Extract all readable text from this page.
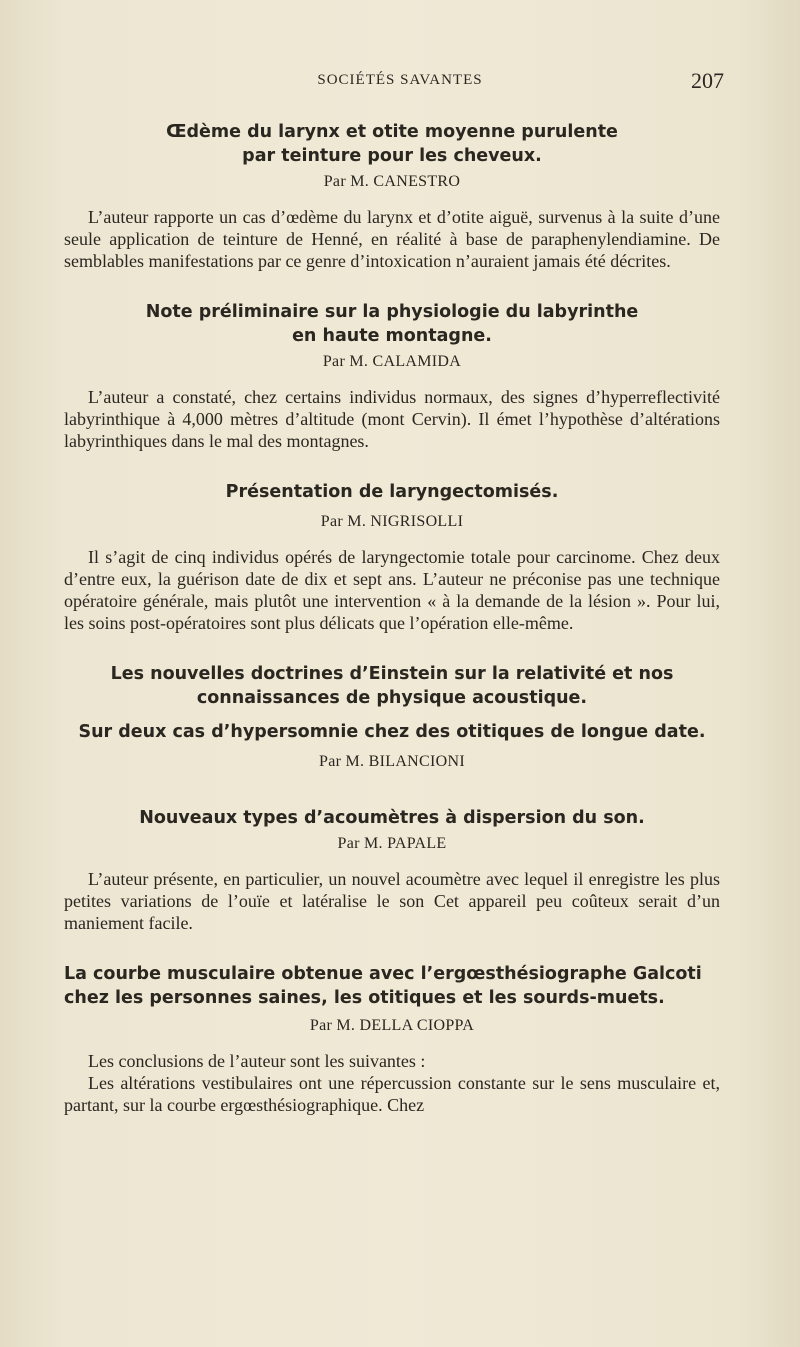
SOCIÉTÉS SAVANTES	207

Œdème du larynx et otite moyenne purulente
par teinture pour les cheveux.

Par M. CANESTRO

L’auteur rapporte un cas d’œdème du larynx et d’otite aiguë, survenus à la suite d’une seule application de teinture de Henné, en réalité à base de paraphenylendiamine. De semblables manifestations par ce genre d’intoxication n’auraient jamais été décrites.

Note préliminaire sur la physiologie du labyrinthe
en haute montagne.

Par M. CALAMIDA

L’auteur a constaté, chez certains individus normaux, des signes d’hyperreflectivité labyrinthique à 4,000 mètres d’altitude (mont Cervin). Il émet l’hypothèse d’altérations labyrinthiques dans le mal des montagnes.

Présentation de laryngectomisés.

Par M. NIGRISOLLI

Il s’agit de cinq individus opérés de laryngectomie totale pour carcinome. Chez deux d’entre eux, la guérison date de dix et sept ans. L’auteur ne préconise pas une technique opératoire générale, mais plutôt une intervention « à la demande de la lésion ». Pour lui, les soins post-opératoires sont plus délicats que l’opération elle-même.

Les nouvelles doctrines d’Einstein sur la relativité et nos
connaissances de physique acoustique.

Sur deux cas d’hypersomnie chez des otitiques de longue date.

Par M. BILANCIONI

Nouveaux types d’acoumètres à dispersion du son.

Par M. PAPALE

L’auteur présente, en particulier, un nouvel acoumètre avec lequel il enregistre les plus petites variations de l’ouïe et latéralise le son Cet appareil peu coûteux serait d’un maniement facile.

La courbe musculaire obtenue avec l’ergœsthésiographe Galcoti chez les personnes saines, les otitiques et les sourds-muets.

Par M. DELLA CIOPPA

Les conclusions de l’auteur sont les suivantes :

Les altérations vestibulaires ont une répercussion constante sur le sens musculaire et, partant, sur la courbe ergœsthésiographique. Chez
